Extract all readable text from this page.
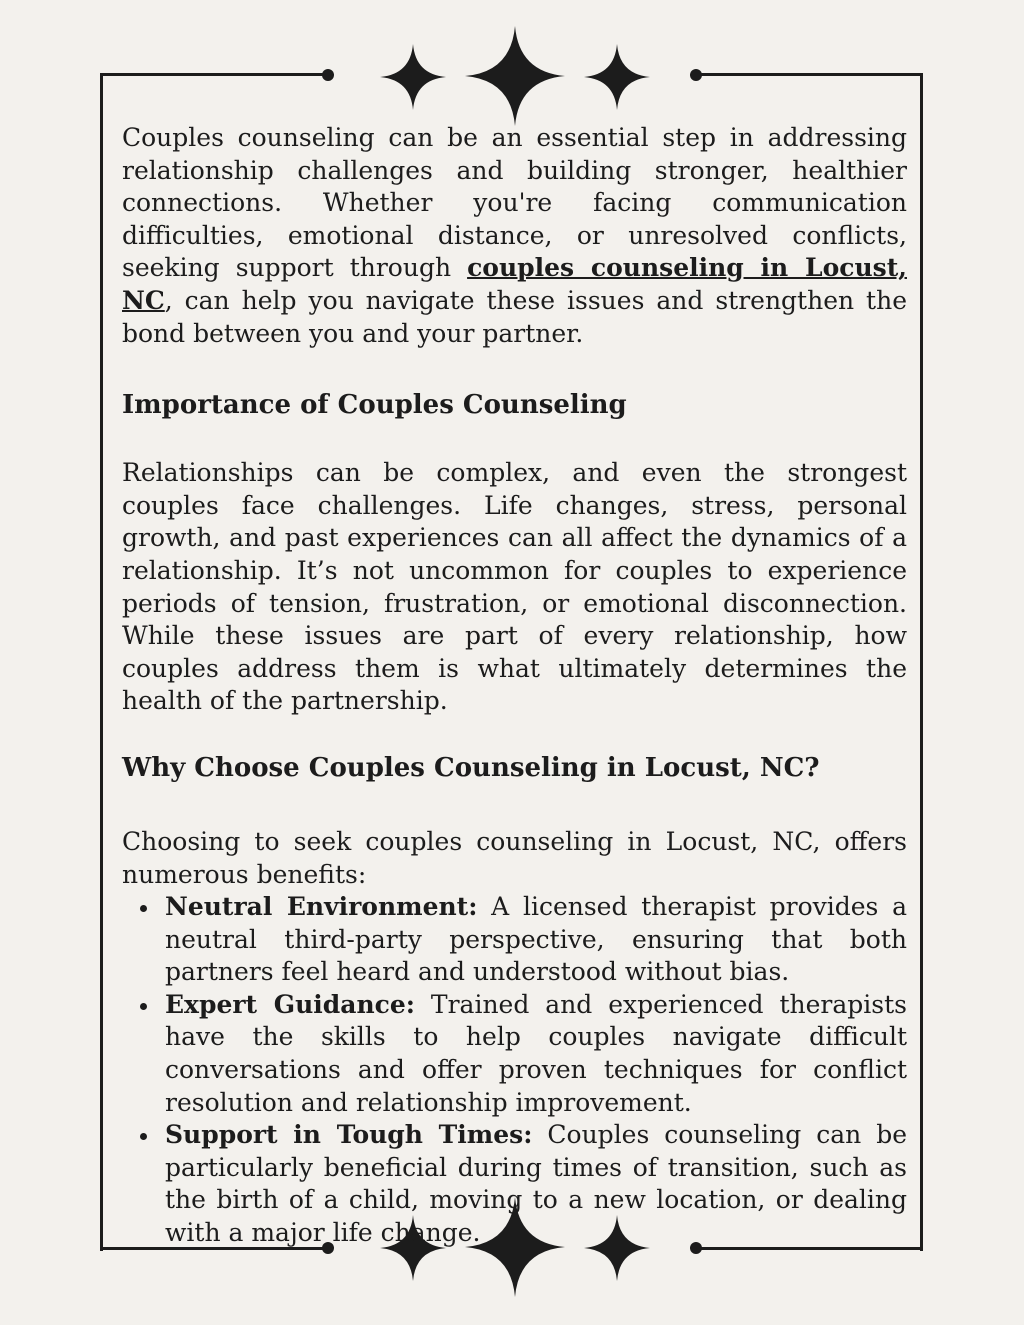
Couples counseling can be an essential step in addressing relationship challenges and building stronger, healthier connections. Whether you're facing communication difficulties, emotional distance, or unresolved conflicts, seeking support through couples counseling in Locust, NC, can help you navigate these issues and strengthen the bond between you and your partner.

Importance of Couples Counseling

Relationships can be complex, and even the strongest couples face challenges. Life changes, stress, personal growth, and past experiences can all affect the dynamics of a relationship. It’s not uncommon for couples to experience periods of tension, frustration, or emotional disconnection. While these issues are part of every relationship, how couples address them is what ultimately determines the health of the partnership.

Why Choose Couples Counseling in Locust, NC?

Choosing to seek couples counseling in Locust, NC, offers numerous benefits:

Neutral Environment: A licensed therapist provides a neutral third-party perspective, ensuring that both partners feel heard and understood without bias.
Expert Guidance: Trained and experienced therapists have the skills to help couples navigate difficult conversations and offer proven techniques for conflict resolution and relationship improvement.
Support in Tough Times: Couples counseling can be particularly beneficial during times of transition, such as the birth of a child, moving to a new location, or dealing with a major life change.
